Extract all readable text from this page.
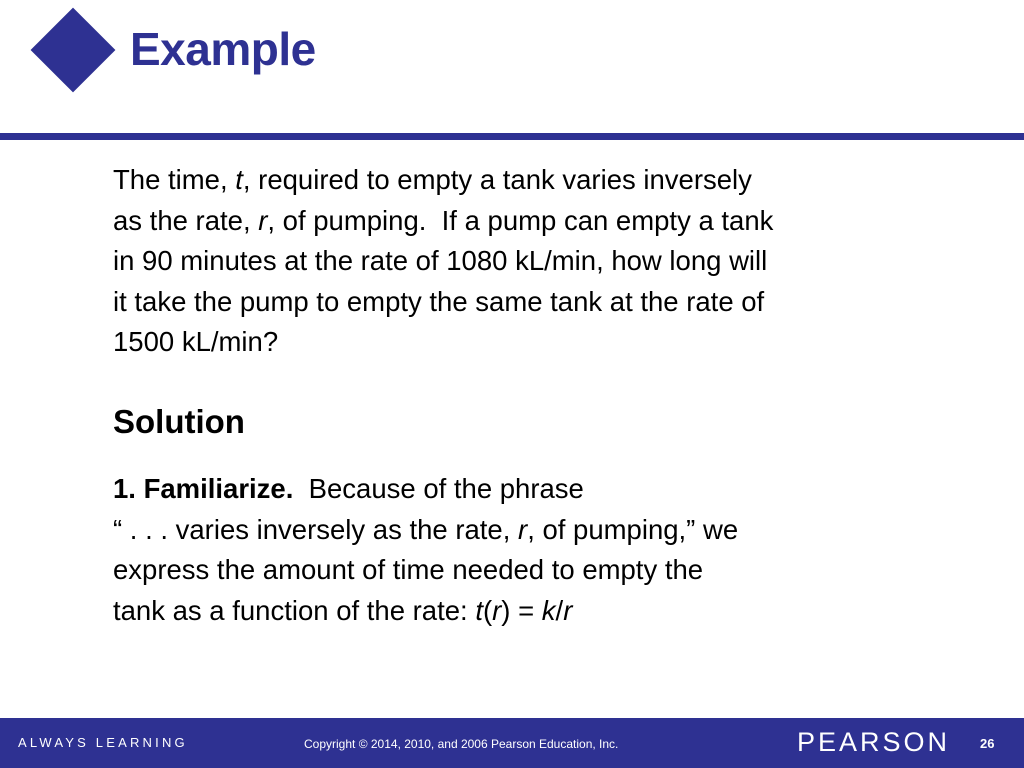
Example
The time, t, required to empty a tank varies inversely
as the rate, r, of pumping.  If a pump can empty a tank
in 90 minutes at the rate of 1080 kL/min, how long will
it take the pump to empty the same tank at the rate of
1500 kL/min?
Solution
1. Familiarize.  Because of the phrase
“ . . . varies inversely as the rate, r, of pumping,” we
express the amount of time needed to empty the
tank as a function of the rate: t(r) = k/r
ALWAYS LEARNING	Copyright © 2014, 2010, and 2006 Pearson Education, Inc.	PEARSON 26
